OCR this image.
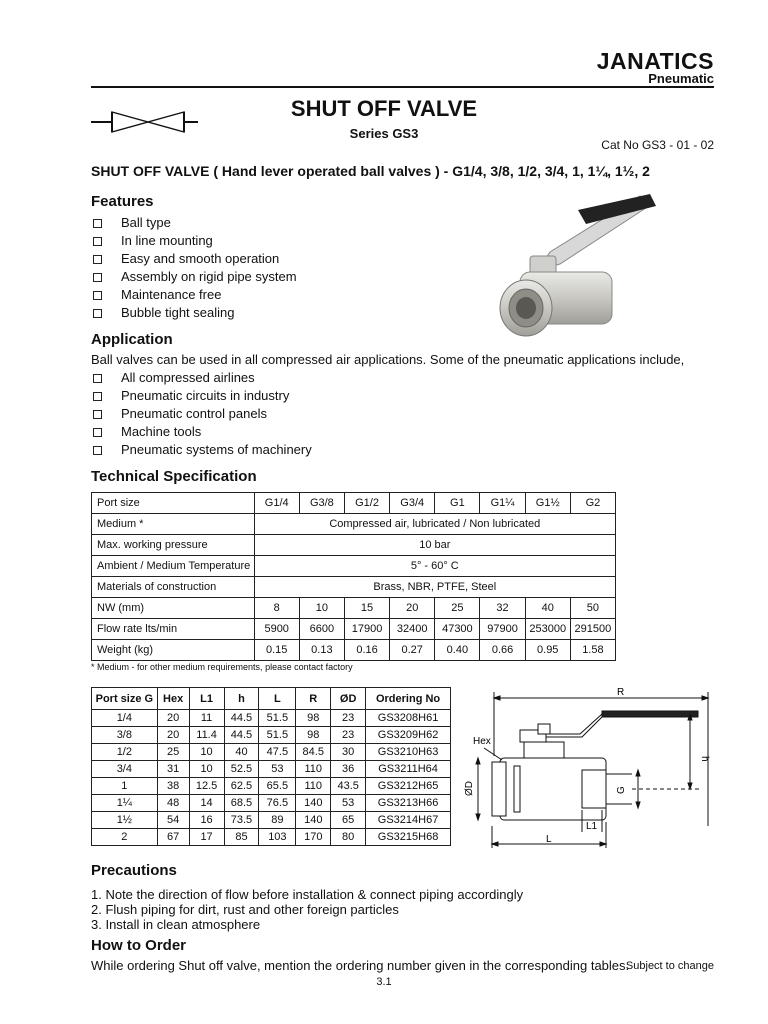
JANATICS
Pneumatic
SHUT OFF VALVE
Series GS3
Cat No GS3 - 01 - 02
SHUT OFF VALVE ( Hand lever operated ball valves ) - G1/4, 3/8, 1/2, 3/4, 1, 1¼, 1½, 2
Features
Ball type
In line mounting
Easy and smooth operation
Assembly on rigid pipe system
Maintenance free
Bubble tight sealing
Application
Ball valves can be used in all compressed air applications. Some of the pneumatic applications include,
All compressed airlines
Pneumatic circuits in industry
Pneumatic control panels
Machine tools
Pneumatic systems of machinery
Technical Specification
Port size	G1/4	G3/8	G1/2	G3/4	G1	G1¼	G1½	G2
Medium *	Compressed air, lubricated / Non lubricated							
Max. working pressure	10 bar							
Ambient / Medium Temperature	5° - 60° C							
Materials of construction	Brass, NBR, PTFE, Steel							
NW (mm)	8	10	15	20	25	32	40	50
Flow rate lts/min	5900	6600	17900	32400	47300	97900	253000	291500
Weight (kg)	0.15	0.13	0.16	0.27	0.40	0.66	0.95	1.58
* Medium - for other medium requirements, please contact factory
Port size G	Hex	L1	h	L	R	ØD	Ordering No
1/4	20	11	44.5	51.5	98	23	GS3208H61
3/8	20	11.4	44.5	51.5	98	23	GS3209H62
1/2	25	10	40	47.5	84.5	30	GS3210H63
3/4	31	10	52.5	53	110	36	GS3211H64
1	38	12.5	62.5	65.5	110	43.5	GS3212H65
1¼	48	14	68.5	76.5	140	53	GS3213H66
1½	54	16	73.5	89	140	65	GS3214H67
2	67	17	85	103	170	80	GS3215H68
R
Hex
h
ØD	G
L1
L
Precautions
1. Note the direction of flow before installation & connect piping accordingly
2. Flush piping for dirt, rust and other foreign particles
3. Install in clean atmosphere
How to Order
While ordering Shut off valve, mention the ordering number given in the corresponding tables.
Subject to change
3.1
